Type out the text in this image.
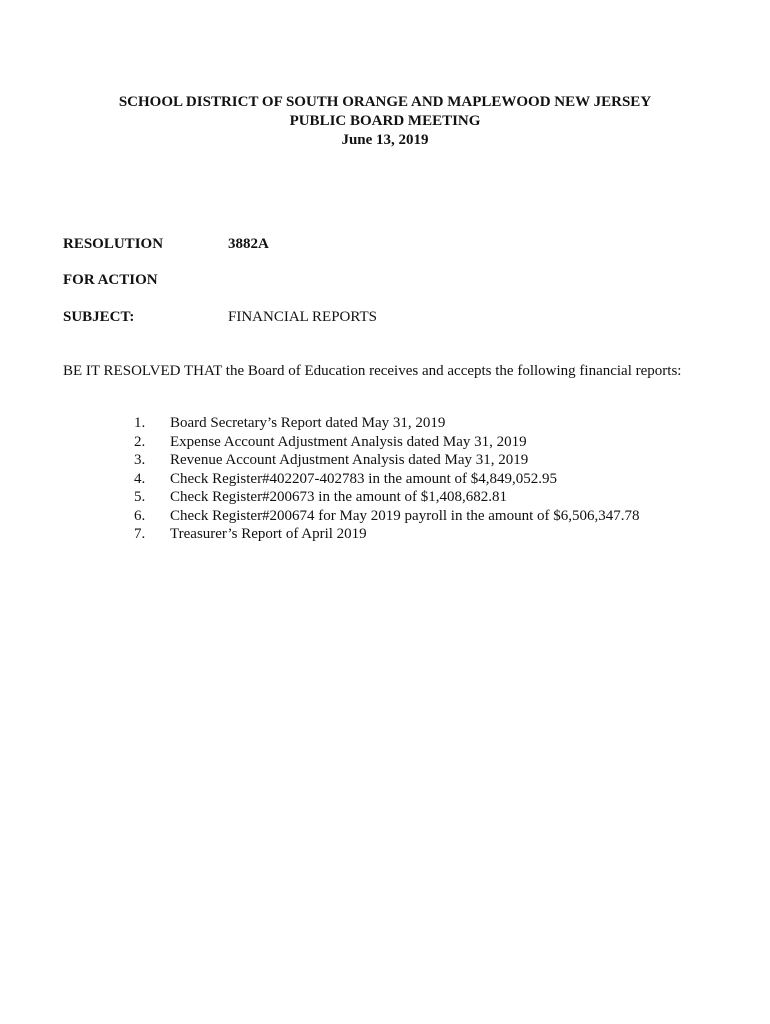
SCHOOL DISTRICT OF SOUTH ORANGE AND MAPLEWOOD NEW JERSEY
PUBLIC BOARD MEETING
June 13, 2019
RESOLUTION	3882A
FOR ACTION
SUBJECT:	FINANCIAL REPORTS
BE IT RESOLVED THAT the Board of Education receives and accepts the following financial reports:
1. Board Secretary’s Report dated May 31, 2019
2. Expense Account Adjustment Analysis dated May 31, 2019
3. Revenue Account Adjustment Analysis dated May 31, 2019
4. Check Register#402207-402783 in the amount of $4,849,052.95
5. Check Register#200673 in the amount of $1,408,682.81
6. Check Register#200674 for May 2019 payroll in the amount of $6,506,347.78
7. Treasurer’s Report of April 2019
